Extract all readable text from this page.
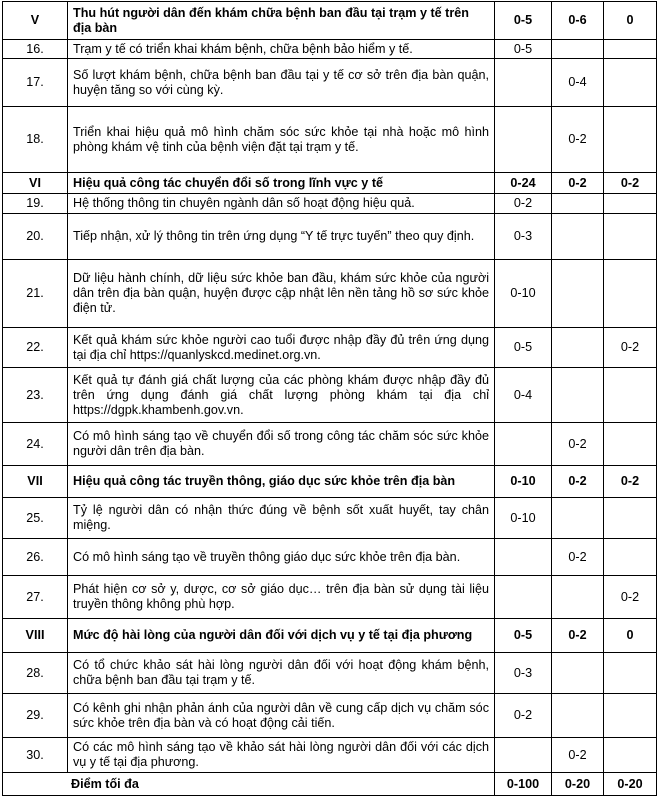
V	Thu hút người dân đến khám chữa bệnh ban đầu tại trạm y tế trên địa bàn	0-5	0-6	0
16.	Trạm y tế có triển khai khám bệnh, chữa bệnh bảo hiểm y tế.	0-5		
17.	Số lượt khám bệnh, chữa bệnh ban đầu tại y tế cơ sở trên địa bàn quận, huyện tăng so với cùng kỳ.		0-4	
18.	Triển khai hiệu quả mô hình chăm sóc sức khỏe tại nhà hoặc mô hình phòng khám vệ tinh của bệnh viện đặt tại trạm y tế.		0-2	
VI	Hiệu quả công tác chuyển đổi số trong lĩnh vực y tế	0-24	0-2	0-2
19.	Hệ thống thông tin chuyên ngành dân số hoạt động hiệu quả.	0-2		
20.	Tiếp nhận, xử lý thông tin trên ứng dụng “Y tế trực tuyến” theo quy định.	0-3		
21.	Dữ liệu hành chính, dữ liệu sức khỏe ban đầu, khám sức khỏe của người dân trên địa bàn quận, huyện được cập nhật lên nền tảng hồ sơ sức khỏe điện tử.	0-10		
22.	Kết quả khám sức khỏe người cao tuổi được nhập đầy đủ trên ứng dụng tại địa chỉ https://quanlyskcd.medinet.org.vn.	0-5		0-2
23.	Kết quả tự đánh giá chất lượng của các phòng khám được nhập đầy đủ trên ứng dụng đánh giá chất lượng phòng khám tại địa chỉ https://dgpk.khambenh.gov.vn.	0-4		
24.	Có mô hình sáng tạo về chuyển đổi số trong công tác chăm sóc sức khỏe người dân trên địa bàn.		0-2	
VII	Hiệu quả công tác truyền thông, giáo dục sức khỏe trên địa bàn	0-10	0-2	0-2
25.	Tỷ lệ người dân có nhận thức đúng về bệnh sốt xuất huyết, tay chân miệng.	0-10		
26.	Có mô hình sáng tạo về truyền thông giáo dục sức khỏe trên địa bàn.		0-2	
27.	Phát hiện cơ sở y, dược, cơ sở giáo dục… trên địa bàn sử dụng tài liệu truyền thông không phù hợp.			0-2
VIII	Mức độ hài lòng của người dân đối với dịch vụ y tế tại địa phương	0-5	0-2	0
28.	Có tổ chức khảo sát hài lòng người dân đối với hoạt động khám bệnh, chữa bệnh ban đầu tại trạm y tế.	0-3		
29.	Có kênh ghi nhận phản ánh của người dân về cung cấp dịch vụ chăm sóc sức khỏe trên địa bàn và có hoạt động cải tiến.	0-2		
30.	Có các mô hình sáng tạo về khảo sát hài lòng người dân đối với các dịch vụ y tế tại địa phương.		0-2	
Điểm tối đa		0-100	0-20	0-20
